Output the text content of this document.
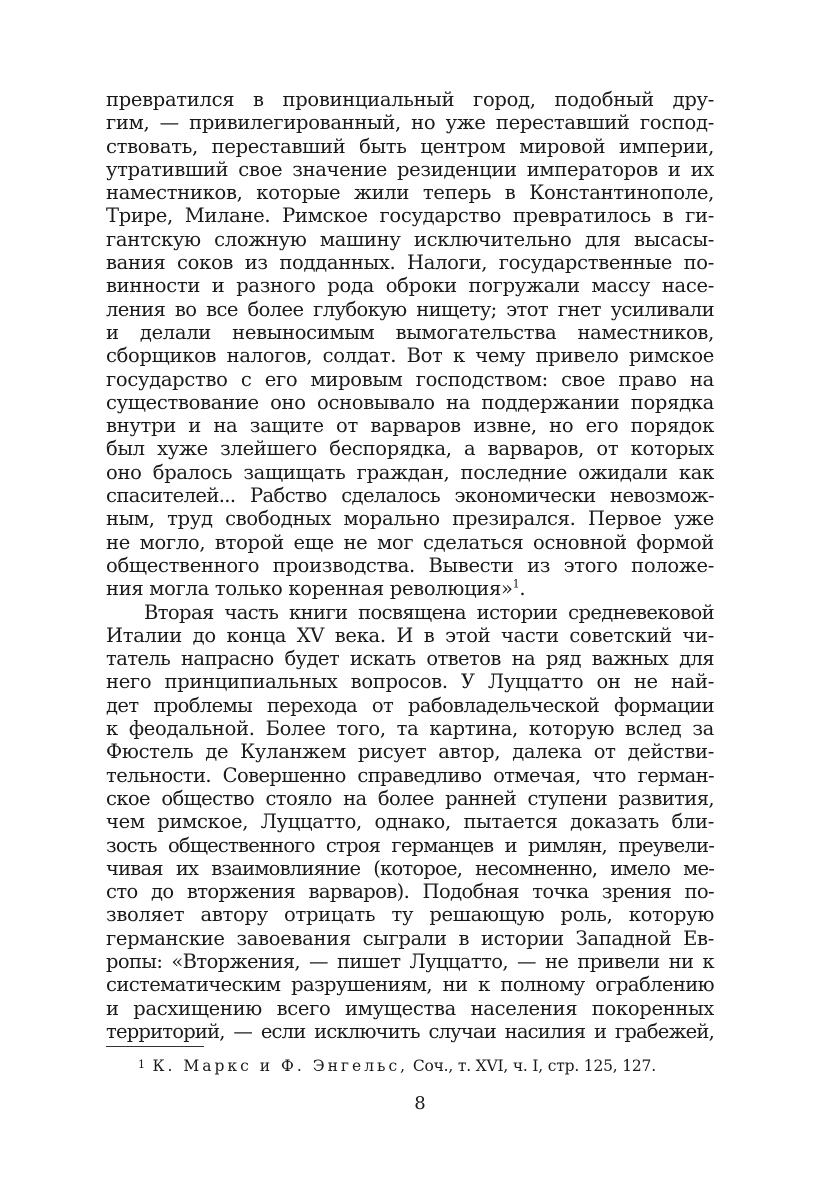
превратился в провинциальный город, подобный дру-
гим, — привилегированный, но уже переставший господ-
ствовать, переставший быть центром мировой империи,
утративший свое значение резиденции императоров и их
наместников, которые жили теперь в Константинополе,
Трире, Милане. Римское государство превратилось в ги-
гантскую сложную машину исключительно для высасы-
вания соков из подданных. Налоги, государственные по-
винности и разного рода оброки погружали массу насе-
ления во все более глубокую нищету; этот гнет усиливали
и делали невыносимым вымогательства наместников,
сборщиков налогов, солдат. Вот к чему привело римское
государство с его мировым господством: свое право на
существование оно основывало на поддержании порядка
внутри и на защите от варваров извне, но его порядок
был хуже злейшего беспорядка, а варваров, от которых
оно бралось защищать граждан, последние ожидали как
спасителей... Рабство сделалось экономически невозмож-
ным, труд свободных морально презирался. Первое уже
не могло, второй еще не мог сделаться основной формой
общественного производства. Вывести из этого положе-
ния могла только коренная революция»$^1$.
Вторая часть книги посвящена истории средневековой
Италии до конца XV века. И в этой части советский чи-
татель напрасно будет искать ответов на ряд важных для
него принципиальных вопросов. У Луццатто он не най-
дет проблемы перехода от рабовладельческой формации
к феодальной. Более того, та картина, которую вслед за
Фюстель де Куланжем рисует автор, далека от действи-
тельности. Совершенно справедливо отмечая, что герман-
ское общество стояло на более ранней ступени развития,
чем римское, Луццатто, однако, пытается доказать бли-
зость общественного строя германцев и римлян, преувели-
чивая их взаимовлияние (которое, несомненно, имело ме-
сто до вторжения варваров). Подобная точка зрения по-
зволяет автору отрицать ту решающую роль, которую
германские завоевания сыграли в истории Западной Ев-
ропы: «Вторжения, — пишет Луццатто, — не привели ни к
систематическим разрушениям, ни к полному ограблению
и расхищению всего имущества населения покоренных
территорий, — если исключить случаи насилия и грабежей,
$^1$ К. Маркс и Ф. Энгельс, Соч., т. XVI, ч. I, стр. 125, 127.
8
